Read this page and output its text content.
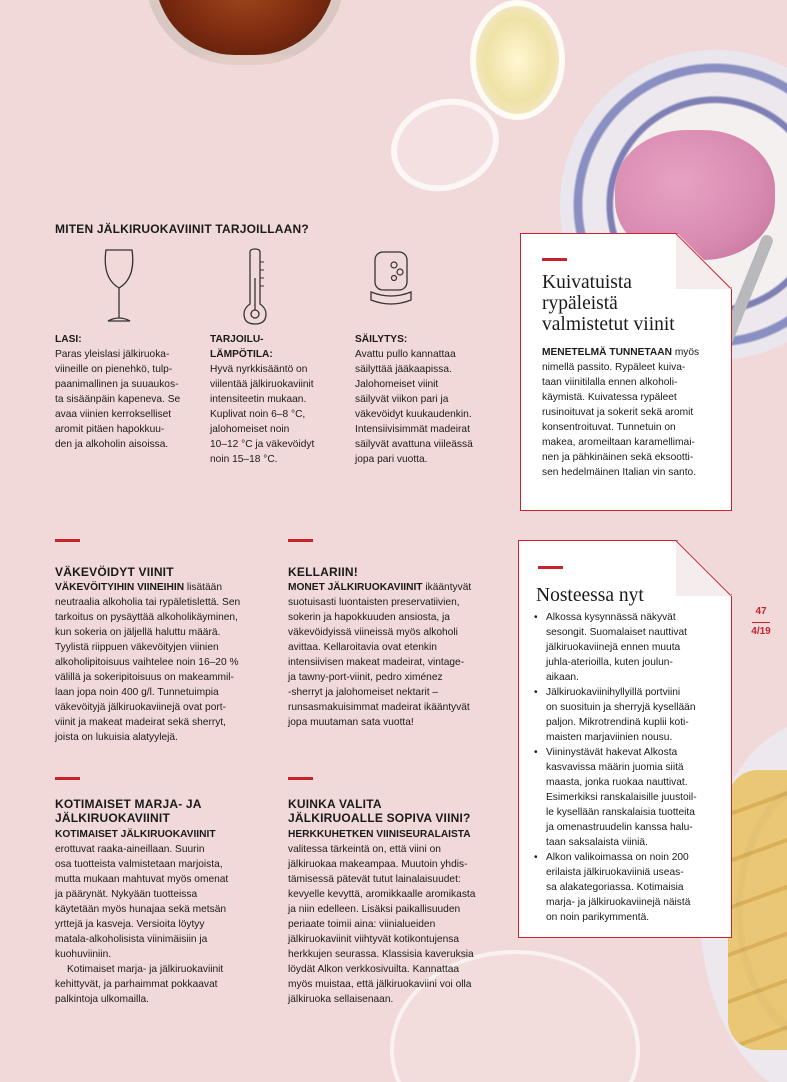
MITEN JÄLKIRUOKAVIINIT TARJOILLAAN?
LASI:
Paras yleislasi jälkiruoka-
viineille on pienehkö, tulp-
paanimallinen ja suuaukos-
ta sisäänpäin kapeneva. Se
avaa viinien kerrokselliset
aromit pitäen hapokkuu-
den ja alkoholin aisoissa.
TARJOILU-
LÄMPÖTILA:
Hyvä nyrkkisääntö on
viilentää jälkiruokaviinit
intensiteetin mukaan.
Kuplivat noin 6–8 °C,
jalohomeiset noin
10–12 °C ja väkevöidyt
noin 15–18 °C.
SÄILYTYS:
Avattu pullo kannattaa
säilyttää jääkaapissa.
Jalohomeiset viinit
säilyvät viikon pari ja
väkevöidyt kuukaudenkin.
Intensiivisimmät madeirat
säilyvät avattuna viileässä
jopa pari vuotta.
Kuivatuista
rypäleistä
valmistetut viinit
MENETELMÄ TUNNETAAN myös
nimellä passito. Rypäleet kuiva-
taan viinitilalla ennen alkoholi-
käymistä. Kuivatessa rypäleet
rusinoituvat ja sokerit sekä aromit
konsentroituvat. Tunnetuin on
makea, aromeiltaan karamellimai-
nen ja pähkinäinen sekä eksootti-
sen hedelmäinen Italian vin santo.
VÄKEVÖIDYT VIINIT
VÄKEVÖITYIHIN VIINEIHIN lisätään
neutraalia alkoholia tai rypäletislettä. Sen
tarkoitus on pysäyttää alkoholikäyminen,
kun sokeria on jäljellä haluttu määrä.
Tyylistä riippuen väkevöityjen viinien
alkoholipitoisuus vaihtelee noin 16–20 %
välillä ja sokeripitoisuus on makeammil-
laan jopa noin 400 g/l. Tunnetuimpia
väkevöityjä jälkiruokaviinejä ovat port-
viinit ja makeat madeirat sekä sherryt,
joista on lukuisia alatyylejä.
KELLARIIN!
MONET JÄLKIRUOKAVIINIT ikääntyvät
suotuisasti luontaisten preservatiivien,
sokerin ja hapokkuuden ansiosta, ja
väkevöidyissä viineissä myös alkoholi
avittaa. Kellaroitavia ovat etenkin
intensiivisen makeat madeirat, vintage-
ja tawny-port-viinit, pedro ximénez
-sherryt ja jalohomeiset nektarit –
runsasmakuisimmat madeirat ikääntyvät
jopa muutaman sata vuotta!
KOTIMAISET MARJA- JA
JÄLKIRUOKAVIINIT
KOTIMAISET JÄLKIRUOKAVIINIT
erottuvat raaka-aineillaan. Suurin
osa tuotteista valmistetaan marjoista,
mutta mukaan mahtuvat myös omenat
ja päärynät. Nykyään tuotteissa
käytetään myös hunajaa sekä metsän
yrttejä ja kasveja. Versioita löytyy
matala-alkoholisista viinimäisiin ja
kuohuviiniin.
Kotimaiset marja- ja jälkiruokaviinit
kehittyvät, ja parhaimmat pokkaavat
palkintoja ulkomailla.
KUINKA VALITA
JÄLKIRUOALLE SOPIVA VIINI?
HERKKUHETKEN VIINISEURALAISTA
valitessa tärkeintä on, että viini on
jälkiruokaa makeampaa. Muutoin yhdis-
tämisessä pätevät tutut lainalaisuudet:
kevyelle kevyttä, aromikkaalle aromikasta
ja niin edelleen. Lisäksi paikallisuuden
periaate toimii aina: viinialueiden
jälkiruokaviinit viihtyvät kotikontujensa
herkkujen seurassa. Klassisia kaveruksia
löydät Alkon verkkosivuilta. Kannattaa
myös muistaa, että jälkiruokaviini voi olla
jälkiruoka sellaisenaan.
Nosteessa nyt
• Alkossa kysynnässä näkyvät
sesongit. Suomalaiset nauttivat
jälkiruokaviinejä ennen muuta
juhla-aterioilla, kuten joulun-
aikaan.
• Jälkiruokaviinihyllyillä portviini
on suosituin ja sherryjä kysellään
paljon. Mikrotrendinä kuplii koti-
maisten marjaviinien nousu.
• Viininystävät hakevat Alkosta
kasvavissa määrin juomia siitä
maasta, jonka ruokaa nauttivat.
Esimerkiksi ranskalaisille juustoil-
le kysellään ranskalaisia tuotteita
ja omenastruudelin kanssa halu-
taan saksalaista viiniä.
• Alkon valikoimassa on noin 200
erilaista jälkiruokaviiniä useas-
sa alakategoriassa. Kotimaisia
marja- ja jälkiruokaviinejä näistä
on noin parikymmentä.
47
4/19
